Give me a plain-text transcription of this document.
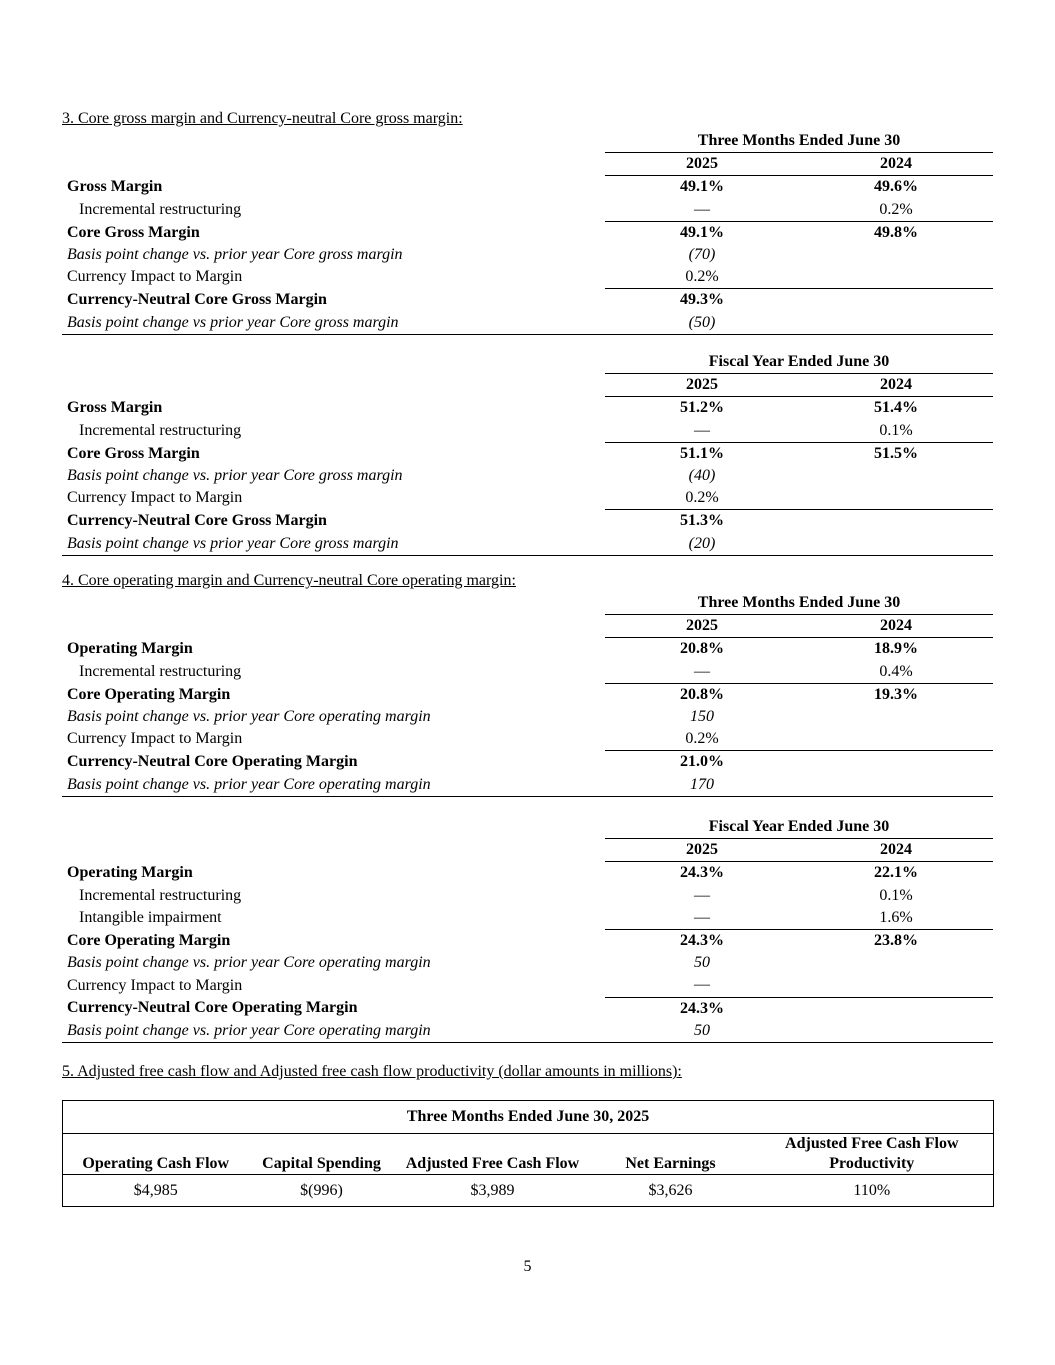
3. Core gross margin and Currency-neutral Core gross margin:
	Three Months Ended June 30	
	2025	2024
Gross Margin	49.1%	49.6%
Incremental restructuring	—	0.2%
Core Gross Margin	49.1%	49.8%
Basis point change vs. prior year Core gross margin	(70)	
Currency Impact to Margin	0.2%	
Currency-Neutral Core Gross Margin	49.3%	
Basis point change vs prior year Core gross margin	(50)	
	Fiscal Year Ended June 30	
	2025	2024
Gross Margin	51.2%	51.4%
Incremental restructuring	—	0.1%
Core Gross Margin	51.1%	51.5%
Basis point change vs. prior year Core gross margin	(40)	
Currency Impact to Margin	0.2%	
Currency-Neutral Core Gross Margin	51.3%	
Basis point change vs prior year Core gross margin	(20)	
4. Core operating margin and Currency-neutral Core operating margin:
	Three Months Ended June 30	
	2025	2024
Operating Margin	20.8%	18.9%
Incremental restructuring	—	0.4%
Core Operating Margin	20.8%	19.3%
Basis point change vs. prior year Core operating margin	150	
Currency Impact to Margin	0.2%	
Currency-Neutral Core Operating Margin	21.0%	
Basis point change vs. prior year Core operating margin	170	
	Fiscal Year Ended June 30	
	2025	2024
Operating Margin	24.3%	22.1%
Incremental restructuring	—	0.1%
Intangible impairment	—	1.6%
Core Operating Margin	24.3%	23.8%
Basis point change vs. prior year Core operating margin	50	
Currency Impact to Margin	—	
Currency-Neutral Core Operating Margin	24.3%	
Basis point change vs. prior year Core operating margin	50	
5. Adjusted free cash flow and Adjusted free cash flow productivity (dollar amounts in millions):
Three Months Ended June 30, 2025				
Operating Cash Flow	Capital Spending	Adjusted Free Cash Flow	Net Earnings	Adjusted Free Cash Flow Productivity
$4,985	$(996)	$3,989	$3,626	110%
5
